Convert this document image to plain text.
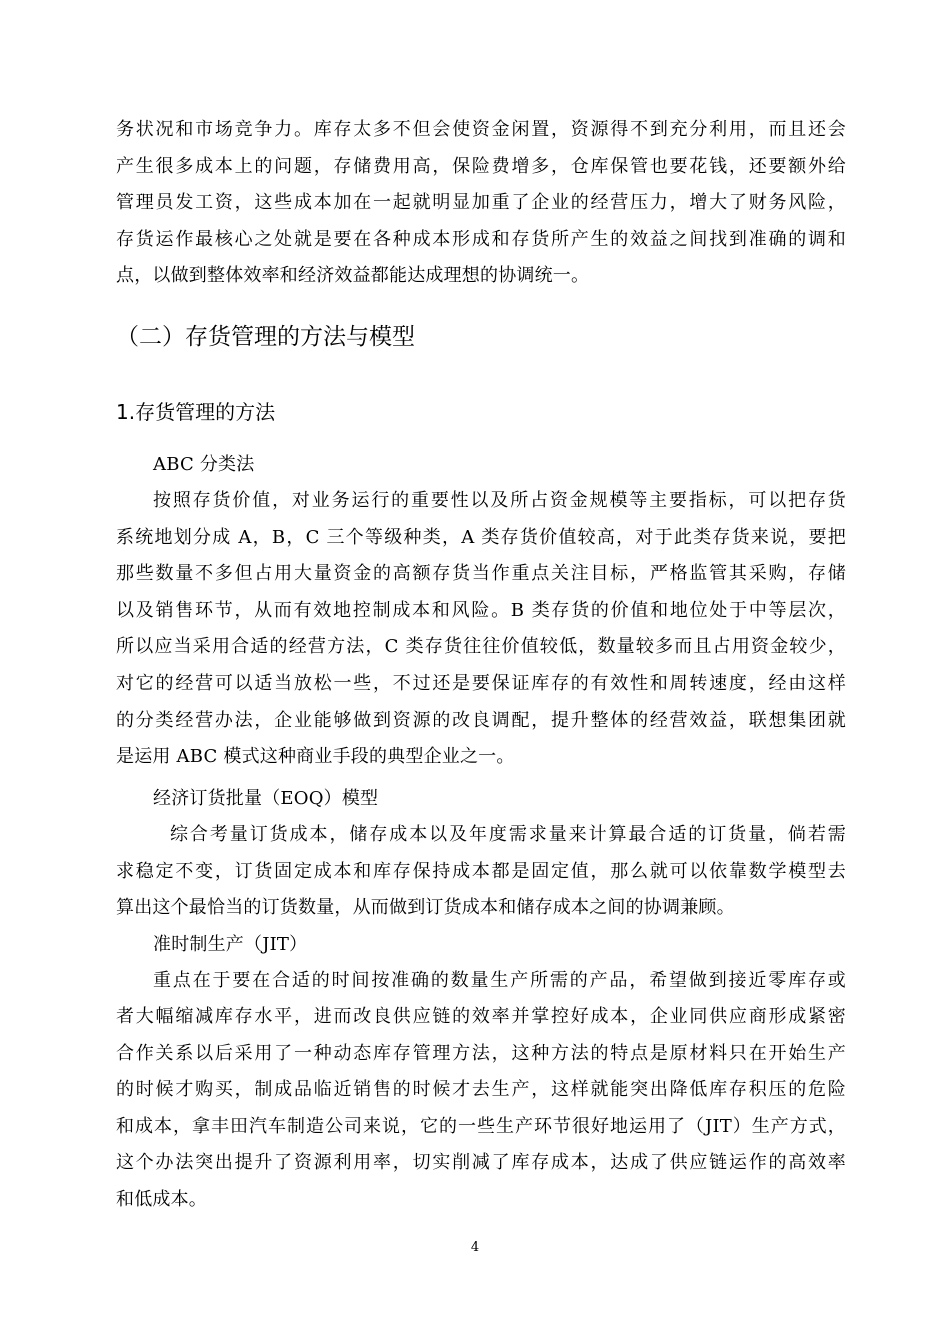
务状况和市场竞争力。库存太多不但会使资金闲置，资源得不到充分利用，而且还会
产生很多成本上的问题，存储费用高，保险费增多，仓库保管也要花钱，还要额外给
管理员发工资，这些成本加在一起就明显加重了企业的经营压力，增大了财务风险，
存货运作最核心之处就是要在各种成本形成和存货所产生的效益之间找到准确的调和
点，以做到整体效率和经济效益都能达成理想的协调统一。
（二）存货管理的方法与模型
1.存货管理的方法
ABC 分类法
按照存货价值，对业务运行的重要性以及所占资金规模等主要指标，可以把存货
系统地划分成 A，B，C 三个等级种类，A 类存货价值较高，对于此类存货来说，要把
那些数量不多但占用大量资金的高额存货当作重点关注目标，严格监管其采购，存储
以及销售环节，从而有效地控制成本和风险。B 类存货的价值和地位处于中等层次，
所以应当采用合适的经营方法，C 类存货往往价值较低，数量较多而且占用资金较少，
对它的经营可以适当放松一些，不过还是要保证库存的有效性和周转速度，经由这样
的分类经营办法，企业能够做到资源的改良调配，提升整体的经营效益，联想集团就
是运用 ABC 模式这种商业手段的典型企业之一。
经济订货批量（EOQ）模型
综合考量订货成本，储存成本以及年度需求量来计算最合适的订货量，倘若需
求稳定不变，订货固定成本和库存保持成本都是固定值，那么就可以依靠数学模型去
算出这个最恰当的订货数量，从而做到订货成本和储存成本之间的协调兼顾。
准时制生产（JIT）
重点在于要在合适的时间按准确的数量生产所需的产品，希望做到接近零库存或
者大幅缩减库存水平，进而改良供应链的效率并掌控好成本，企业同供应商形成紧密
合作关系以后采用了一种动态库存管理方法，这种方法的特点是原材料只在开始生产
的时候才购买，制成品临近销售的时候才去生产，这样就能突出降低库存积压的危险
和成本，拿丰田汽车制造公司来说，它的一些生产环节很好地运用了（JIT）生产方式，
这个办法突出提升了资源利用率，切实削减了库存成本，达成了供应链运作的高效率
和低成本。
4
